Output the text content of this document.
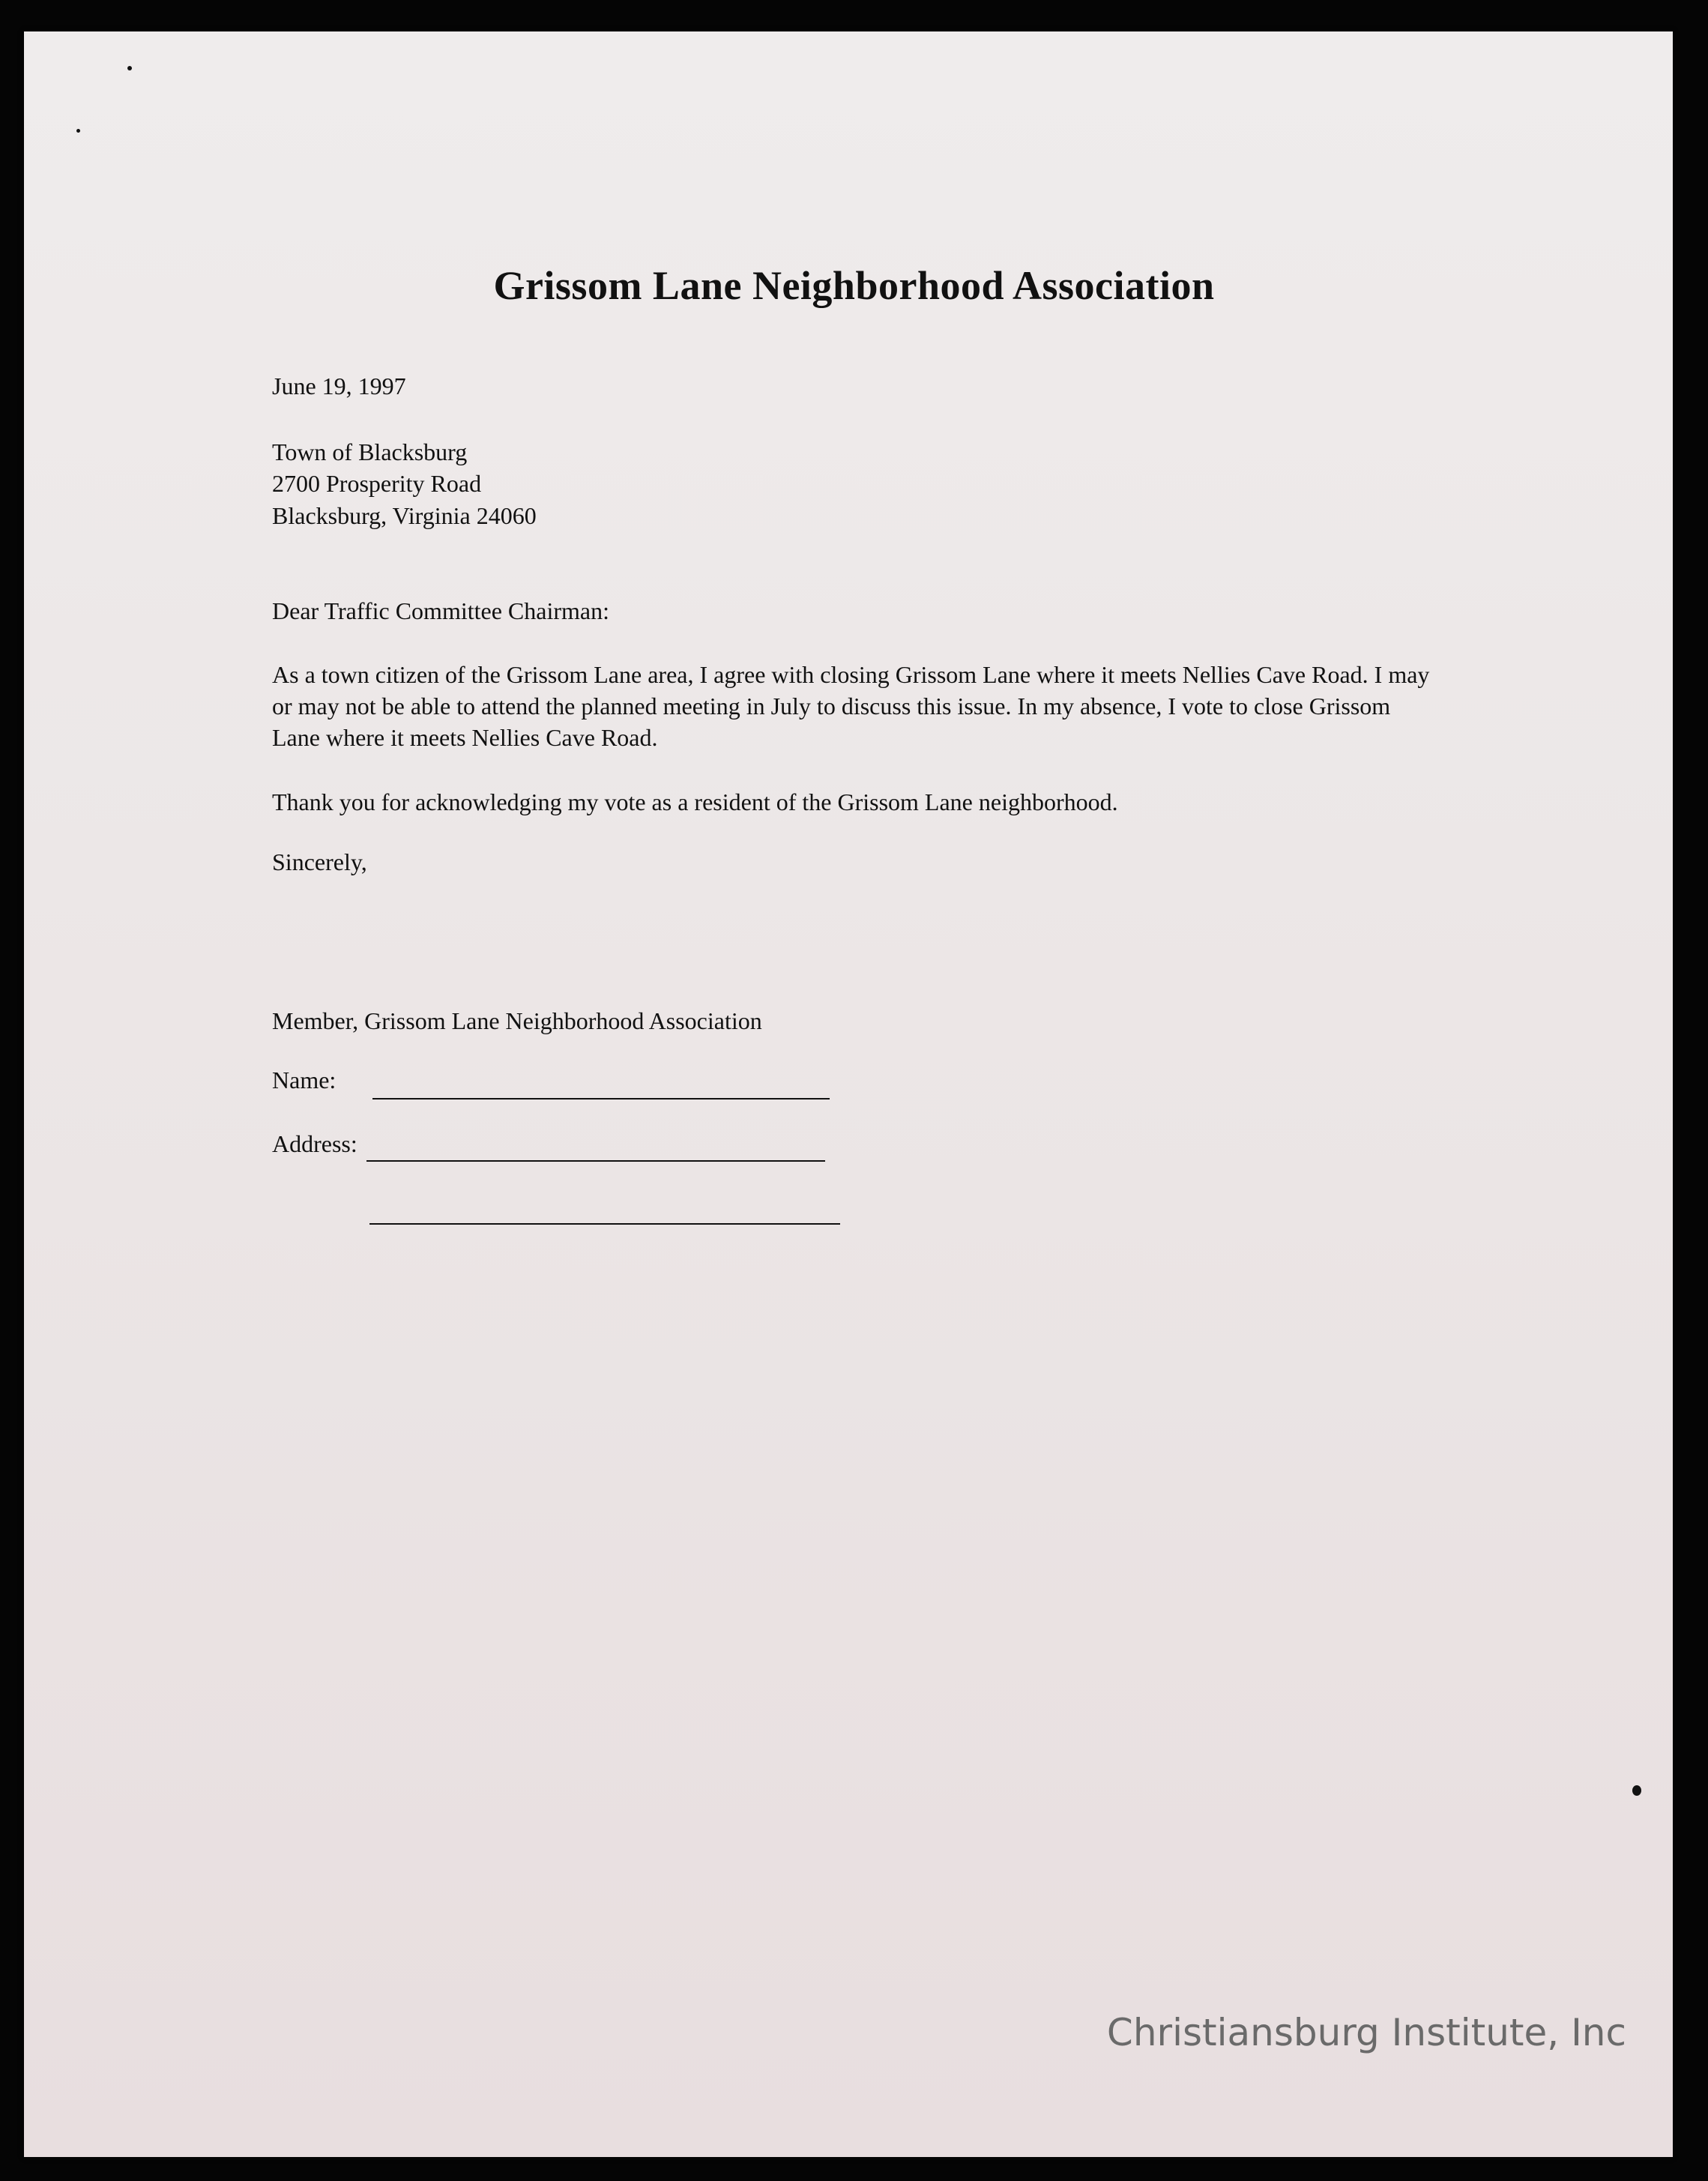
Grissom Lane Neighborhood Association
June 19, 1997
Town of Blacksburg
2700 Prosperity Road
Blacksburg, Virginia 24060
Dear Traffic Committee Chairman:
As a town citizen of the Grissom Lane area, I agree with closing Grissom Lane where it meets Nellies Cave Road. I may or may not be able to attend the planned meeting in July to discuss this issue. In my absence, I vote to close Grissom Lane where it meets Nellies Cave Road.
Thank you for acknowledging my vote as a resident of the Grissom Lane neighborhood.
Sincerely,
Member, Grissom Lane Neighborhood Association
Name:
Address:
Christiansburg Institute, Inc
